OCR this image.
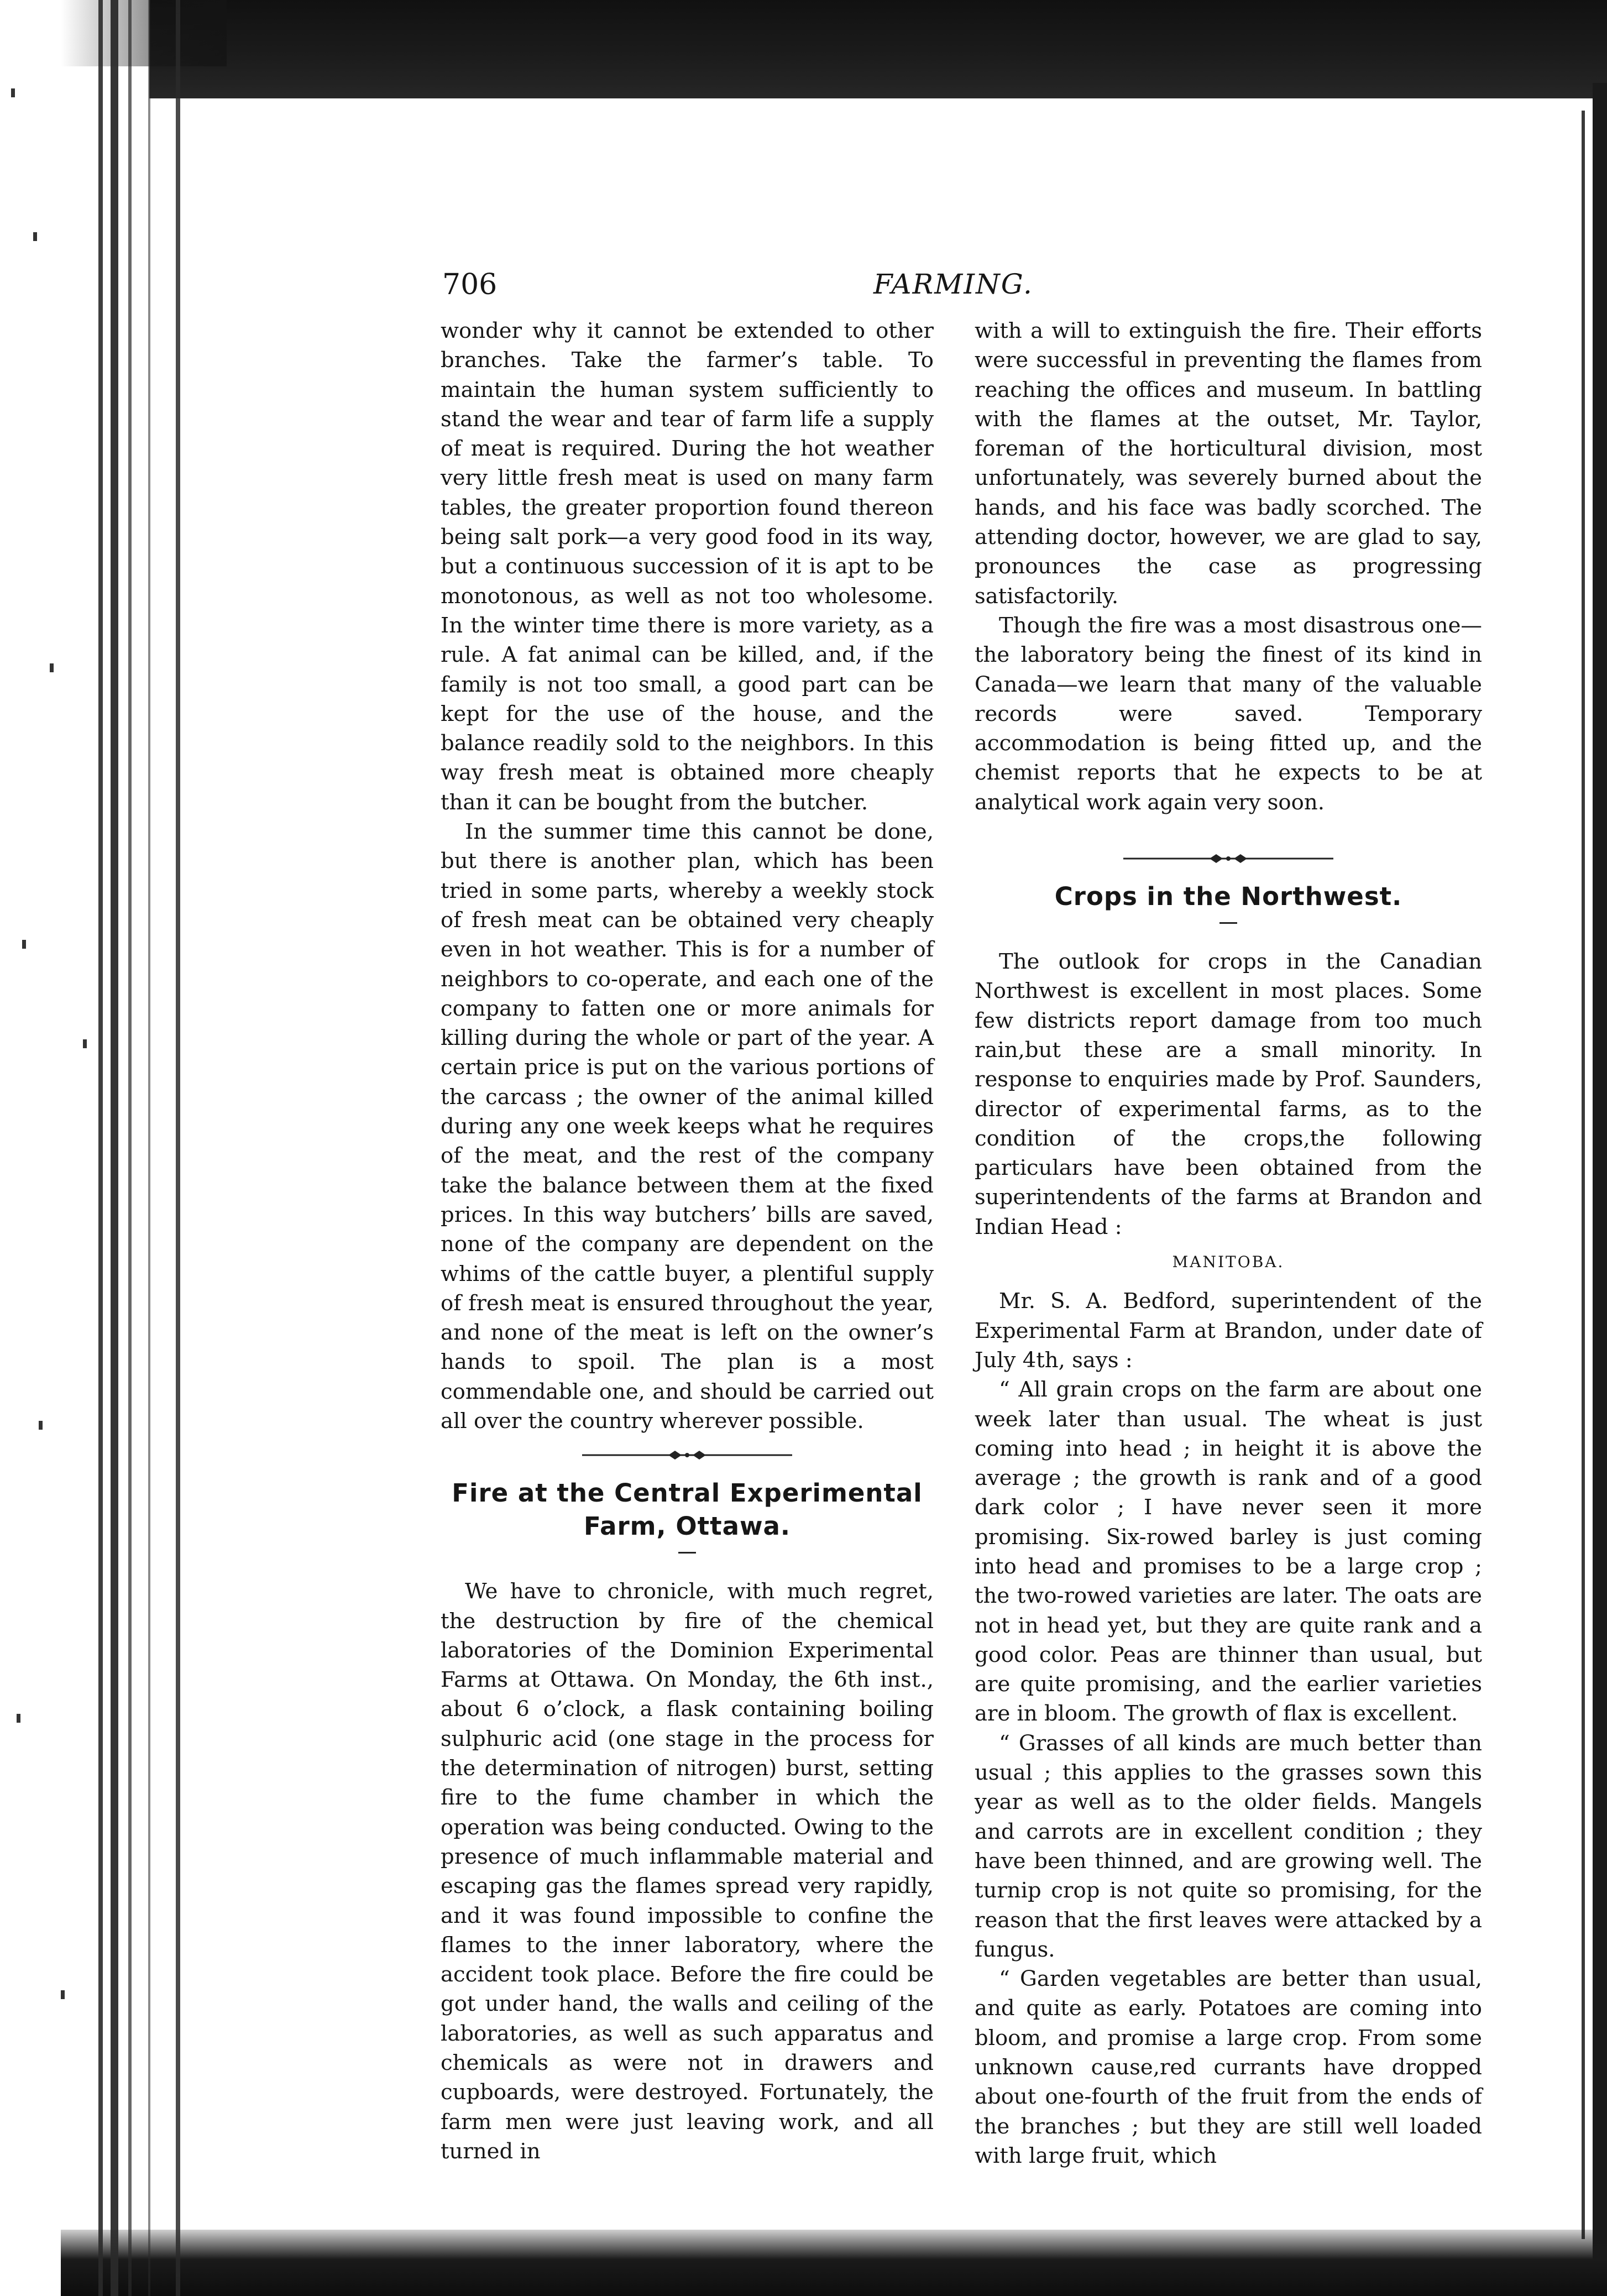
706	FARMING.

wonder why it cannot be extended to other branches. Take the farmer’s table. To maintain the human system sufficiently to stand the wear and tear of farm life a supply of meat is required. During the hot weather very little fresh meat is used on many farm tables, the greater proportion found thereon being salt pork—a very good food in its way, but a continuous succession of it is apt to be monotonous, as well as not too wholesome. In the winter time there is more variety, as a rule. A fat animal can be killed, and, if the family is not too small, a good part can be kept for the use of the house, and the balance readily sold to the neighbors. In this way fresh meat is obtained more cheaply than it can be bought from the butcher.

In the summer time this cannot be done, but there is another plan, which has been tried in some parts, whereby a weekly stock of fresh meat can be obtained very cheaply even in hot weather. This is for a number of neighbors to co-operate, and each one of the company to fatten one or more animals for killing during the whole or part of the year. A certain price is put on the various portions of the carcass ; the owner of the animal killed during any one week keeps what he requires of the meat, and the rest of the company take the balance between them at the fixed prices. In this way butchers’ bills are saved, none of the company are dependent on the whims of the cattle buyer, a plentiful supply of fresh meat is ensured throughout the year, and none of the meat is left on the owner’s hands to spoil. The plan is a most commendable one, and should be carried out all over the country wherever possible.

Fire at the Central Experimental Farm, Ottawa.

We have to chronicle, with much regret, the destruction by fire of the chemical laboratories of the Dominion Experimental Farms at Ottawa. On Monday, the 6th inst., about 6 o’clock, a flask containing boiling sulphuric acid (one stage in the process for the determination of nitrogen) burst, setting fire to the fume chamber in which the operation was being conducted. Owing to the presence of much inflammable material and escaping gas the flames spread very rapidly, and it was found impossible to confine the flames to the inner laboratory, where the accident took place. Before the fire could be got under hand, the walls and ceiling of the laboratories, as well as such apparatus and chemicals as were not in drawers and cupboards, were destroyed. Fortunately, the farm men were just leaving work, and all turned in

with a will to extinguish the fire. Their efforts were successful in preventing the flames from reaching the offices and museum. In battling with the flames at the outset, Mr. Taylor, foreman of the horticultural division, most unfortunately, was severely burned about the hands, and his face was badly scorched. The attending doctor, however, we are glad to say, pronounces the case as progressing satisfactorily.

Though the fire was a most disastrous one—the laboratory being the finest of its kind in Canada—we learn that many of the valuable records were saved. Temporary accommodation is being fitted up, and the chemist reports that he expects to be at analytical work again very soon.

Crops in the Northwest.

The outlook for crops in the Canadian Northwest is excellent in most places. Some few districts report damage from too much rain,but these are a small minority. In response to enquiries made by Prof. Saunders, director of experimental farms, as to the condition of the crops,the following particulars have been obtained from the superintendents of the farms at Brandon and Indian Head :

MANITOBA.

Mr. S. A. Bedford, superintendent of the Experimental Farm at Brandon, under date of July 4th, says :

“ All grain crops on the farm are about one week later than usual. The wheat is just coming into head ; in height it is above the average ; the growth is rank and of a good dark color ; I have never seen it more promising. Six-rowed barley is just coming into head and promises to be a large crop ; the two-rowed varieties are later. The oats are not in head yet, but they are quite rank and a good color. Peas are thinner than usual, but are quite promising, and the earlier varieties are in bloom. The growth of flax is excellent.

“ Grasses of all kinds are much better than usual ; this applies to the grasses sown this year as well as to the older fields. Mangels and carrots are in excellent condition ; they have been thinned, and are growing well. The turnip crop is not quite so promising, for the reason that the first leaves were attacked by a fungus.

“ Garden vegetables are better than usual, and quite as early. Potatoes are coming into bloom, and promise a large crop. From some unknown cause,red currants have dropped about one-fourth of the fruit from the ends of the branches ; but they are still well loaded with large fruit, which
